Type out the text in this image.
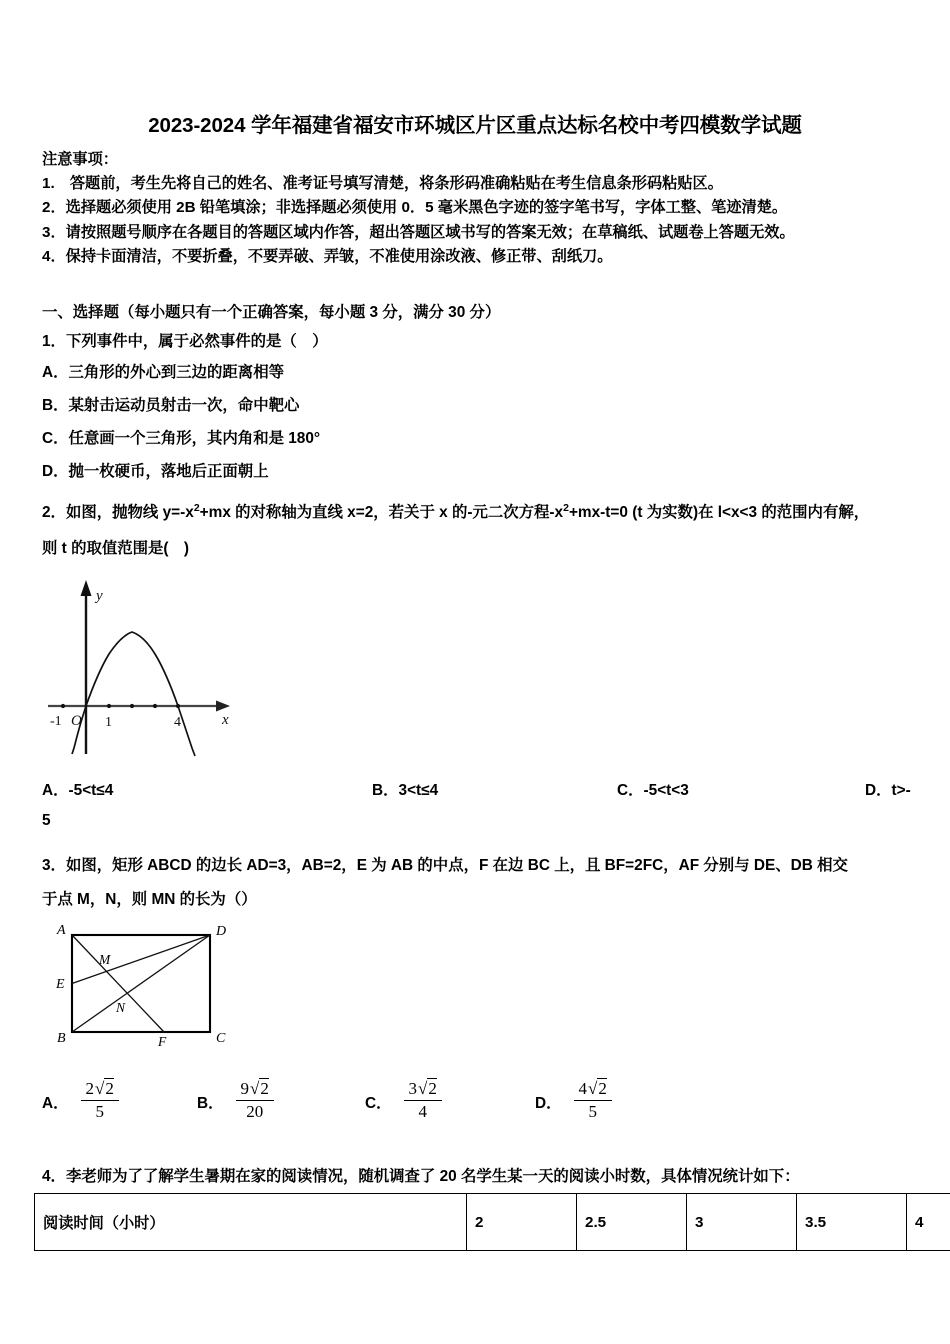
2023-2024 学年福建省福安市环城区片区重点达标名校中考四模数学试题
注意事项：
1.　答题前，考生先将自己的姓名、准考证号填写清楚，将条形码准确粘贴在考生信息条形码粘贴区。
2．选择题必须使用 2B 铅笔填涂；非选择题必须使用 0．5 毫米黑色字迹的签字笔书写，字体工整、笔迹清楚。
3．请按照题号顺序在各题目的答题区域内作答，超出答题区域书写的答案无效；在草稿纸、试题卷上答题无效。
4．保持卡面清洁，不要折叠，不要弄破、弄皱，不准使用涂改液、修正带、刮纸刀。
一、选择题（每小题只有一个正确答案，每小题 3 分，满分 30 分）
1．下列事件中，属于必然事件的是（　）
A．三角形的外心到三边的距离相等
B．某射击运动员射击一次，命中靶心
C．任意画一个三角形，其内角和是 180°
D．抛一枚硬币，落地后正面朝上
2．如图，抛物线 $y=-x^2+mx$ 的对称轴为直线 x=2，若关于 x 的-元二次方程$-x^2+mx-t=0$ (t 为实数)在 l<x<3 的范围内有解，
则 t 的取值范围是(　)
y
x
-1 O 1	4
A．-5<t≤4	B．3<t≤4	C．-5<t<3	D．t>-
5
3．如图，矩形 ABCD 的边长 AD=3，AB=2，E 为 AB 的中点，F 在边 BC 上，且 BF=2FC，AF 分别与 DE、DB 相交
于点 M，N，则 MN 的长为（）
A	D
M
E
N
B	F	C
A． $\frac{2√2}{5}$	B． $\frac{9√2}{20}$	C． $\frac{3√2}{4}$	D． $\frac{4√2}{5}$
4．李老师为了了解学生暑期在家的阅读情况，随机调查了 20 名学生某一天的阅读小时数，具体情况统计如下：
阅读时间（小时）	2	2.5	3	3.5	4
